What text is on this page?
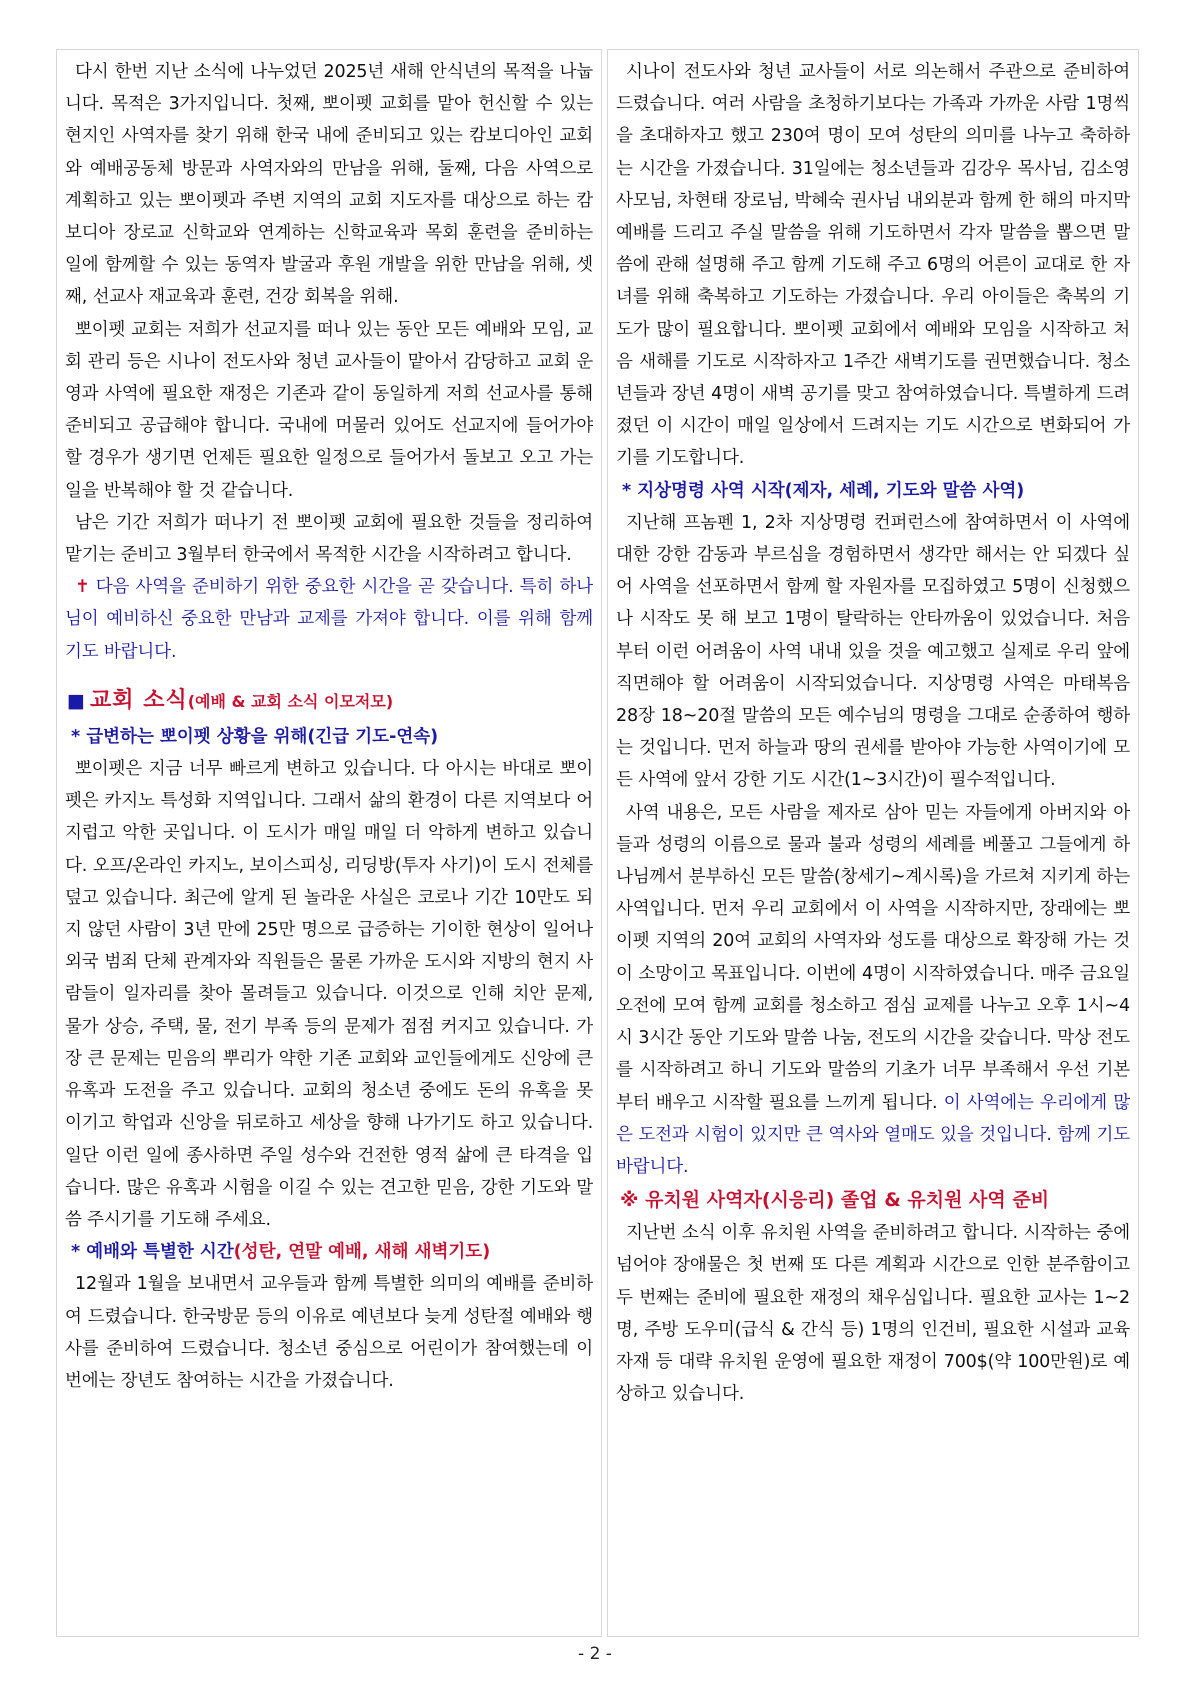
다시 한번 지난 소식에 나누었던 2025년 새해 안식년의 목적을 나눕니다. 목적은 3가지입니다. 첫째, 뽀이펫 교회를 맡아 헌신할 수 있는 현지인 사역자를 찾기 위해 한국 내에 준비되고 있는 캄보디아인 교회와 예배공동체 방문과 사역자와의 만남을 위해, 둘째, 다음 사역으로 계획하고 있는 뽀이펫과 주변 지역의 교회 지도자를 대상으로 하는 캄보디아 장로교 신학교와 연계하는 신학교육과 목회 훈련을 준비하는 일에 함께할 수 있는 동역자 발굴과 후원 개발을 위한 만남을 위해, 셋째, 선교사 재교육과 훈련, 건강 회복을 위해.

뽀이펫 교회는 저희가 선교지를 떠나 있는 동안 모든 예배와 모임, 교회 관리 등은 시나이 전도사와 청년 교사들이 맡아서 감당하고 교회 운영과 사역에 필요한 재정은 기존과 같이 동일하게 저희 선교사를 통해 준비되고 공급해야 합니다. 국내에 머물러 있어도 선교지에 들어가야 할 경우가 생기면 언제든 필요한 일정으로 들어가서 돌보고 오고 가는 일을 반복해야 할 것 같습니다.

남은 기간 저희가 떠나기 전 뽀이펫 교회에 필요한 것들을 정리하여 맡기는 준비고 3월부터 한국에서 목적한 시간을 시작하려고 합니다.

✝ 다음 사역을 준비하기 위한 중요한 시간을 곧 갖습니다. 특히 하나님이 예비하신 중요한 만남과 교제를 가져야 합니다. 이를 위해 함께 기도 바랍니다.

■ 교회 소식(예배 & 교회 소식 이모저모)
* 급변하는 뽀이펫 상황을 위해(긴급 기도-연속)

뽀이펫은 지금 너무 빠르게 변하고 있습니다. 다 아시는 바대로 뽀이펫은 카지노 특성화 지역입니다. 그래서 삶의 환경이 다른 지역보다 어지럽고 악한 곳입니다. 이 도시가 매일 매일 더 악하게 변하고 있습니다. 오프/온라인 카지노, 보이스피싱, 리딩방(투자 사기)이 도시 전체를 덮고 있습니다. 최근에 알게 된 놀라운 사실은 코로나 기간 10만도 되지 않던 사람이 3년 만에 25만 명으로 급증하는 기이한 현상이 일어나 외국 범죄 단체 관계자와 직원들은 물론 가까운 도시와 지방의 현지 사람들이 일자리를 찾아 몰려들고 있습니다. 이것으로 인해 치안 문제, 물가 상승, 주택, 물, 전기 부족 등의 문제가 점점 커지고 있습니다. 가장 큰 문제는 믿음의 뿌리가 약한 기존 교회와 교인들에게도 신앙에 큰 유혹과 도전을 주고 있습니다. 교회의 청소년 중에도 돈의 유혹을 못 이기고 학업과 신앙을 뒤로하고 세상을 향해 나가기도 하고 있습니다. 일단 이런 일에 종사하면 주일 성수와 건전한 영적 삶에 큰 타격을 입습니다. 많은 유혹과 시험을 이길 수 있는 견고한 믿음, 강한 기도와 말씀 주시기를 기도해 주세요.

* 예배와 특별한 시간(성탄, 연말 예배, 새해 새벽기도)

12월과 1월을 보내면서 교우들과 함께 특별한 의미의 예배를 준비하여 드렸습니다. 한국방문 등의 이유로 예년보다 늦게 성탄절 예배와 행사를 준비하여 드렸습니다. 청소년 중심으로 어린이가 참여했는데 이번에는 장년도 참여하는 시간을 가졌습니다.

시나이 전도사와 청년 교사들이 서로 의논해서 주관으로 준비하여 드렸습니다. 여러 사람을 초청하기보다는 가족과 가까운 사람 1명씩을 초대하자고 했고 230여 명이 모여 성탄의 의미를 나누고 축하하는 시간을 가졌습니다. 31일에는 청소년들과 김강우 목사님, 김소영 사모님, 차현태 장로님, 박혜숙 권사님 내외분과 함께 한 해의 마지막 예배를 드리고 주실 말씀을 위해 기도하면서 각자 말씀을 뽑으면 말씀에 관해 설명해 주고 함께 기도해 주고 6명의 어른이 교대로 한 자녀를 위해 축복하고 기도하는 가졌습니다. 우리 아이들은 축복의 기도가 많이 필요합니다. 뽀이펫 교회에서 예배와 모임을 시작하고 처음 새해를 기도로 시작하자고 1주간 새벽기도를 권면했습니다. 청소년들과 장년 4명이 새벽 공기를 맞고 참여하였습니다. 특별하게 드려졌던 이 시간이 매일 일상에서 드려지는 기도 시간으로 변화되어 가기를 기도합니다.

* 지상명령 사역 시작(제자, 세례, 기도와 말씀 사역)

지난해 프놈펜 1, 2차 지상명령 컨퍼런스에 참여하면서 이 사역에 대한 강한 감동과 부르심을 경험하면서 생각만 해서는 안 되겠다 싶어 사역을 선포하면서 함께 할 자원자를 모집하였고 5명이 신청했으나 시작도 못 해 보고 1명이 탈락하는 안타까움이 있었습니다. 처음부터 이런 어려움이 사역 내내 있을 것을 예고했고 실제로 우리 앞에 직면해야 할 어려움이 시작되었습니다. 지상명령 사역은 마태복음 28장 18~20절 말씀의 모든 예수님의 명령을 그대로 순종하여 행하는 것입니다. 먼저 하늘과 땅의 권세를 받아야 가능한 사역이기에 모든 사역에 앞서 강한 기도 시간(1~3시간)이 필수적입니다.

사역 내용은, 모든 사람을 제자로 삼아 믿는 자들에게 아버지와 아들과 성령의 이름으로 물과 불과 성령의 세례를 베풀고 그들에게 하나님께서 분부하신 모든 말씀(창세기~계시록)을 가르쳐 지키게 하는 사역입니다. 먼저 우리 교회에서 이 사역을 시작하지만, 장래에는 뽀이펫 지역의 20여 교회의 사역자와 성도를 대상으로 확장해 가는 것이 소망이고 목표입니다. 이번에 4명이 시작하였습니다. 매주 금요일 오전에 모여 함께 교회를 청소하고 점심 교제를 나누고 오후 1시~4시 3시간 동안 기도와 말씀 나눔, 전도의 시간을 갖습니다. 막상 전도를 시작하려고 하니 기도와 말씀의 기초가 너무 부족해서 우선 기본부터 배우고 시작할 필요를 느끼게 됩니다. 이 사역에는 우리에게 많은 도전과 시험이 있지만 큰 역사와 열매도 있을 것입니다. 함께 기도 바랍니다.

※ 유치원 사역자(시응리) 졸업 & 유치원 사역 준비

지난번 소식 이후 유치원 사역을 준비하려고 합니다. 시작하는 중에 넘어야 장애물은 첫 번째 또 다른 계획과 시간으로 인한 분주함이고 두 번째는 준비에 필요한 재정의 채우심입니다. 필요한 교사는 1~2명, 주방 도우미(급식 & 간식 등) 1명의 인건비, 필요한 시설과 교육 자재 등 대략 유치원 운영에 필요한 재정이 700$(약 100만원)로 예상하고 있습니다.

- 2 -
